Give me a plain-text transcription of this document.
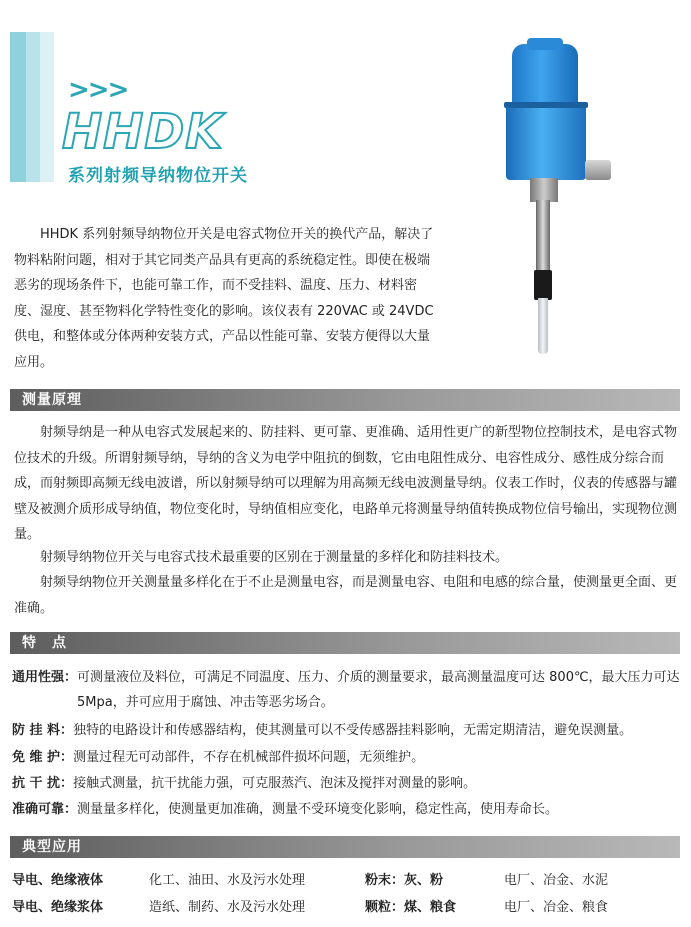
>>>
HHDK
系列射频导纳物位开关
HHDK 系列射频导纳物位开关是电容式物位开关的换代产品，解决了物料粘附问题，相对于其它同类产品具有更高的系统稳定性。即使在极端恶劣的现场条件下，也能可靠工作，而不受挂料、温度、压力、材料密度、湿度、甚至物料化学特性变化的影响。该仪表有 220VAC 或 24VDC 供电，和整体或分体两种安装方式，产品以性能可靠、安装方便得以大量应用。
测量原理
射频导纳是一种从电容式发展起来的、防挂料、更可靠、更准确、适用性更广的新型物位控制技术，是电容式物位技术的升级。所谓射频导纳，导纳的含义为电学中阻抗的倒数，它由电阻性成分、电容性成分、感性成分综合而成，而射频即高频无线电波谱，所以射频导纳可以理解为用高频无线电波测量导纳。仪表工作时，仪表的传感器与罐壁及被测介质形成导纳值，物位变化时，导纳值相应变化，电路单元将测量导纳值转换成物位信号输出，实现物位测量。
射频导纳物位开关与电容式技术最重要的区别在于测量量的多样化和防挂料技术。
射频导纳物位开关测量量多样化在于不止是测量电容，而是测量电容、电阻和电感的综合量，使测量更全面、更准确。
特　点
通用性强： 可测量液位及料位，可满足不同温度、压力、介质的测量要求，最高测量温度可达 800℃，最大压力可达 5Mpa，并可应用于腐蚀、冲击等恶劣场合。
防 挂 料： 独特的电路设计和传感器结构，使其测量可以不受传感器挂料影响，无需定期清洁，避免误测量。
免 维 护： 测量过程无可动部件，不存在机械部件损坏问题，无须维护。
抗 干 扰： 接触式测量，抗干扰能力强，可克服蒸汽、泡沫及搅拌对测量的影响。
准确可靠： 测量量多样化，使测量更加准确，测量不受环境变化影响，稳定性高，使用寿命长。
典型应用
导电、绝缘液体	化工、油田、水及污水处理	粉末：灰、粉	电厂、冶金、水泥
导电、绝缘浆体	造纸、制药、水及污水处理	颗粒：煤、粮食	电厂、冶金、粮食
